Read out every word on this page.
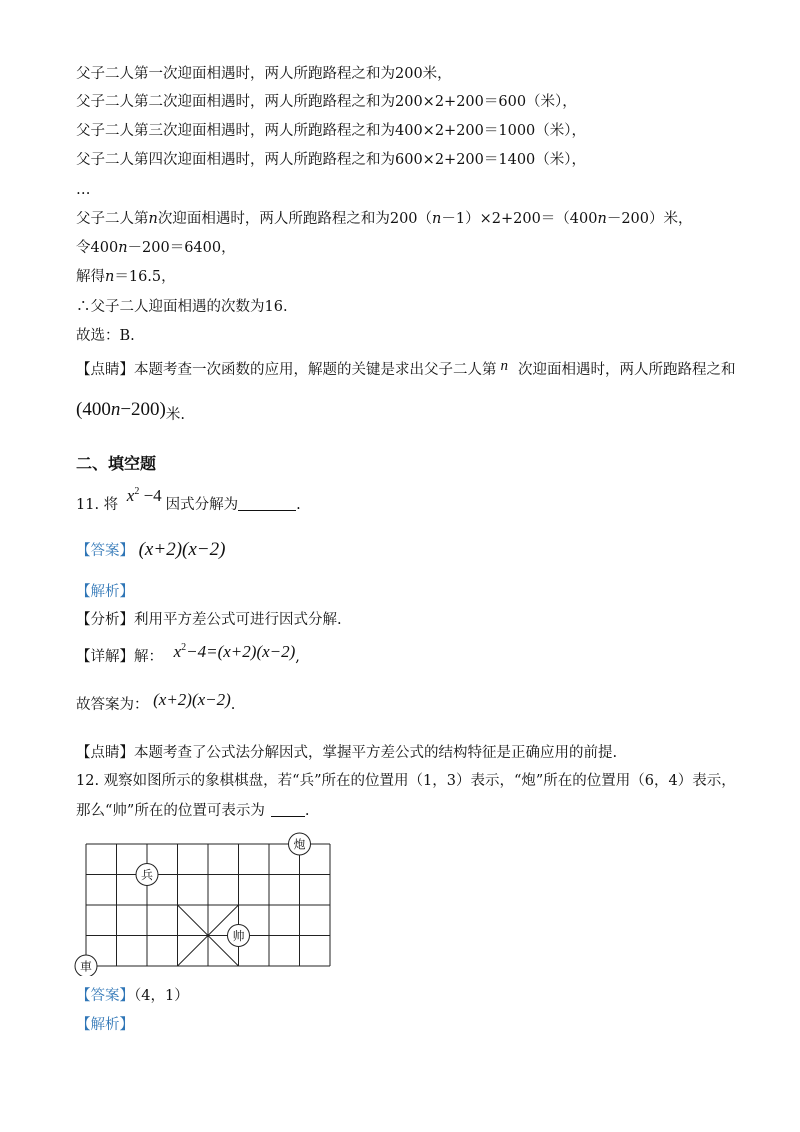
父子二人第一次迎面相遇时，两人所跑路程之和为200米，
父子二人第二次迎面相遇时，两人所跑路程之和为200×2+200＝600（米），
父子二人第三次迎面相遇时，两人所跑路程之和为400×2+200＝1000（米），
父子二人第四次迎面相遇时，两人所跑路程之和为600×2+200＝1400（米），
…
父子二人第n次迎面相遇时，两人所跑路程之和为200（n－1）×2+200＝（400n－200）米，
令400n－200＝6400，
解得n＝16.5，
∴父子二人迎面相遇的次数为16.
故选：B.
【点睛】本题考查一次函数的应用，解题的关键是求出父子二人第 n 次迎面相遇时，两人所跑路程之和
(400n−200)米.
二、填空题
11. 将 $x^2 -4$ 因式分解为	.
【答案】 (x+2)(x−2)
【解析】
【分析】利用平方差公式可进行因式分解.
【详解】解： $x^2-4=(x+2)(x-2)$,
故答案为： (x+2)(x−2).
【点睛】本题考查了公式法分解因式，掌握平方差公式的结构特征是正确应用的前提.
12. 观察如图所示的象棋棋盘，若“兵”所在的位置用（1，3）表示，“炮”所在的位置用（6，4）表示，
那么“帅”所在的位置可表示为	.
兵
炮
帅
車
【答案】（4，1）
【解析】
